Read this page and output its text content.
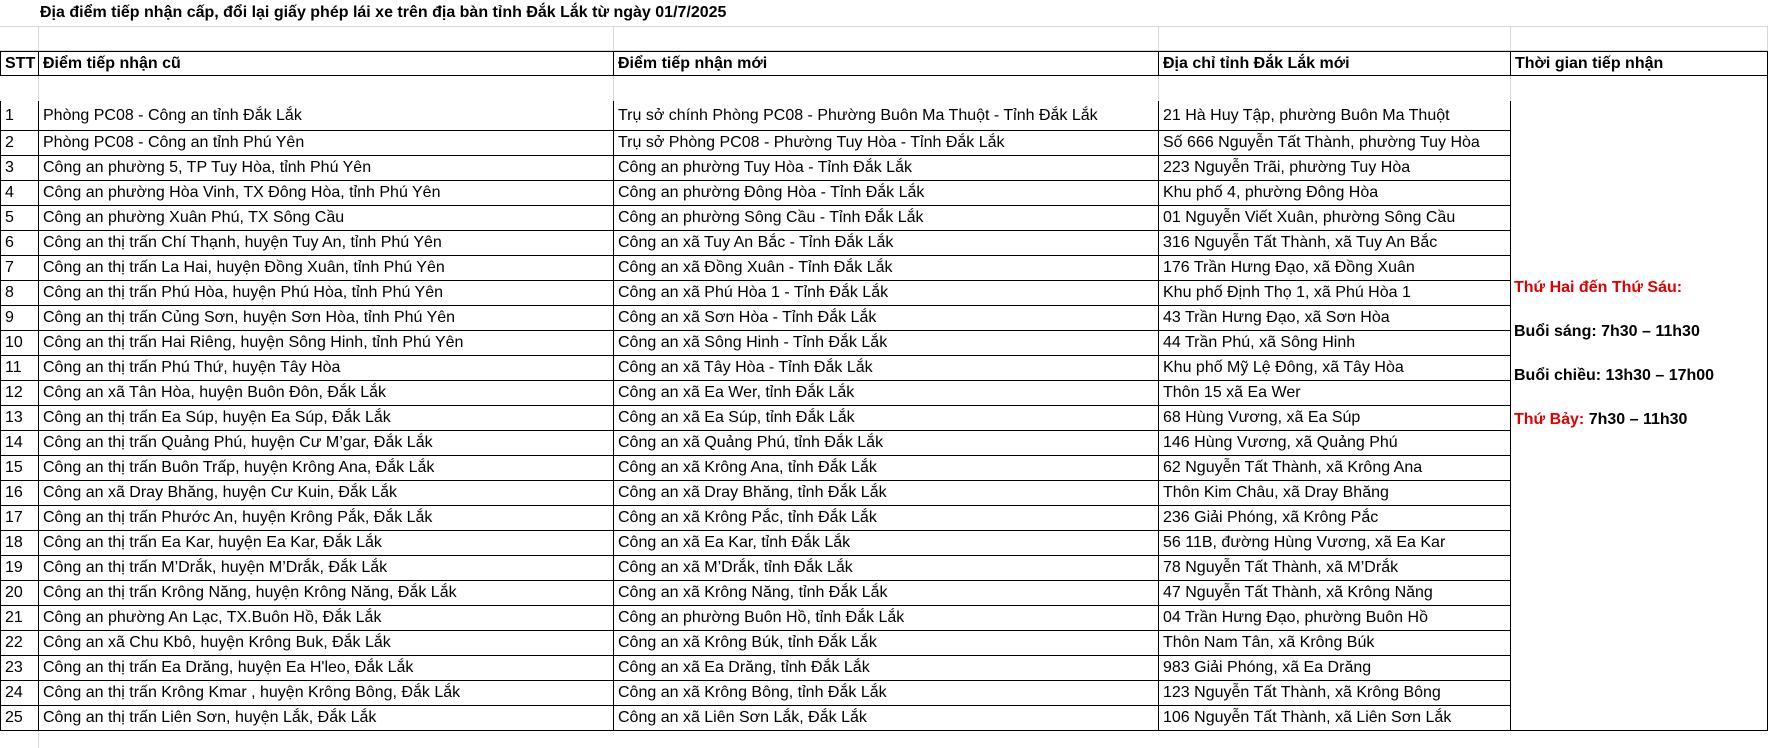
Địa điểm tiếp nhận cấp, đổi lại giấy phép lái xe trên địa bàn tỉnh Đắk Lắk từ ngày 01/7/2025
STT Điểm tiếp nhận cũ	Điểm tiếp nhận mới	Địa chỉ tỉnh Đắk Lắk mới	Thời gian tiếp nhận
1	Phòng PC08 - Công an tỉnh Đắk Lắk	Trụ sở chính Phòng PC08 - Phường Buôn Ma Thuột - Tỉnh Đắk Lắk	21 Hà Huy Tập, phường Buôn Ma Thuột
2	Phòng PC08 - Công an tỉnh Phú Yên	Trụ sở Phòng PC08 - Phường Tuy Hòa - Tỉnh Đắk Lắk	Số 666 Nguyễn Tất Thành, phường Tuy Hòa
3	Công an phường 5, TP Tuy Hòa, tỉnh Phú Yên	Công an phường Tuy Hòa - Tỉnh Đắk Lắk	223 Nguyễn Trãi, phường Tuy Hòa
4	Công an phường Hòa Vinh, TX Đông Hòa, tỉnh Phú Yên	Công an phường Đông Hòa - Tỉnh Đắk Lắk	Khu phố 4, phường Đông Hòa
5	Công an phường Xuân Phú, TX Sông Cầu	Công an phường Sông Cầu - Tỉnh Đắk Lắk	01 Nguyễn Viết Xuân, phường Sông Cầu
6	Công an thị trấn Chí Thạnh, huyện Tuy An, tỉnh Phú Yên	Công an xã Tuy An Bắc - Tỉnh Đắk Lắk	316 Nguyễn Tất Thành, xã Tuy An Bắc
7	Công an thị trấn La Hai, huyện Đồng Xuân, tỉnh Phú Yên	Công an xã Đồng Xuân - Tỉnh Đắk Lắk	176 Trần Hưng Đạo, xã Đồng Xuân
8	Công an thị trấn Phú Hòa, huyện Phú Hòa, tỉnh Phú Yên	Công an xã Phú Hòa 1 - Tỉnh Đắk Lắk	Khu phố Định Thọ 1, xã Phú Hòa 1
9	Công an thị trấn Củng Sơn, huyện Sơn Hòa, tỉnh Phú Yên	Công an xã Sơn Hòa - Tỉnh Đắk Lắk	43 Trần Hưng Đạo, xã Sơn Hòa
10	Công an thị trấn Hai Riêng, huyện Sông Hinh, tỉnh Phú Yên	Công an xã Sông Hinh - Tỉnh Đắk Lắk	44 Trần Phú, xã Sông Hinh
11	Công an thị trấn Phú Thứ, huyện Tây Hòa	Công an xã Tây Hòa - Tỉnh Đắk Lắk	Khu phố Mỹ Lệ Đông, xã Tây Hòa
12	Công an xã Tân Hòa, huyện Buôn Đôn, Đắk Lắk	Công an xã Ea Wer, tỉnh Đắk Lắk	Thôn 15 xã Ea Wer
13	Công an thị trấn Ea Súp, huyện Ea Súp, Đắk Lắk	Công an xã Ea Súp, tỉnh Đắk Lắk	68 Hùng Vương, xã Ea Súp
14	Công an thị trấn Quảng Phú, huyện Cư M’gar, Đắk Lắk	Công an xã Quảng Phú, tỉnh Đắk Lắk	146 Hùng Vương, xã Quảng Phú
15	Công an thị trấn Buôn Trấp, huyện Krông Ana, Đắk Lắk	Công an xã Krông Ana, tỉnh Đắk Lắk	62 Nguyễn Tất Thành, xã Krông Ana
16	Công an xã Dray Bhăng, huyện Cư Kuin, Đắk Lắk	Công an xã Dray Bhăng, tỉnh Đắk Lắk	Thôn Kim Châu, xã Dray Bhăng
17	Công an thị trấn Phước An, huyện Krông Pắk, Đắk Lắk	Công an xã Krông Pắc, tỉnh Đắk Lắk	236 Giải Phóng, xã Krông Pắc
18	Công an thị trấn Ea Kar, huyện Ea Kar, Đắk Lắk	Công an xã Ea Kar, tỉnh Đắk Lắk	56 11B, đường Hùng Vương, xã Ea Kar
19	Công an thị trấn M’Drắk, huyện M’Drắk, Đắk Lắk	Công an xã M’Drắk, tỉnh Đắk Lắk	78 Nguyễn Tất Thành, xã M’Drắk
20	Công an thị trấn Krông Năng, huyện Krông Năng, Đắk Lắk	Công an xã Krông Năng, tỉnh Đắk Lắk	47 Nguyễn Tất Thành, xã Krông Năng
21	Công an phường An Lạc, TX.Buôn Hồ, Đắk Lắk	Công an phường Buôn Hồ, tỉnh Đắk Lắk	04 Trần Hưng Đạo, phường Buôn Hồ
22	Công an xã Chu Kbô, huyện Krông Buk, Đắk Lắk	Công an xã Krông Búk, tỉnh Đắk Lắk	Thôn Nam Tân, xã Krông Búk
23	Công an thị trấn Ea Drăng, huyện Ea H'leo, Đắk Lắk	Công an xã Ea Drăng, tỉnh Đắk Lắk	983 Giải Phóng, xã Ea Drăng
24	Công an thị trấn Krông Kmar , huyện Krông Bông, Đắk Lắk	Công an xã Krông Bông, tỉnh Đắk Lắk	123 Nguyễn Tất Thành, xã Krông Bông
25	Công an thị trấn Liên Sơn, huyện Lắk, Đắk Lắk	Công an xã Liên Sơn Lắk, Đắk Lắk	106 Nguyễn Tất Thành, xã Liên Sơn Lắk
Thứ Hai đến Thứ Sáu:
Buổi sáng: 7h30 – 11h30
Buổi chiều: 13h30 – 17h00
Thứ Bảy: 7h30 – 11h30
